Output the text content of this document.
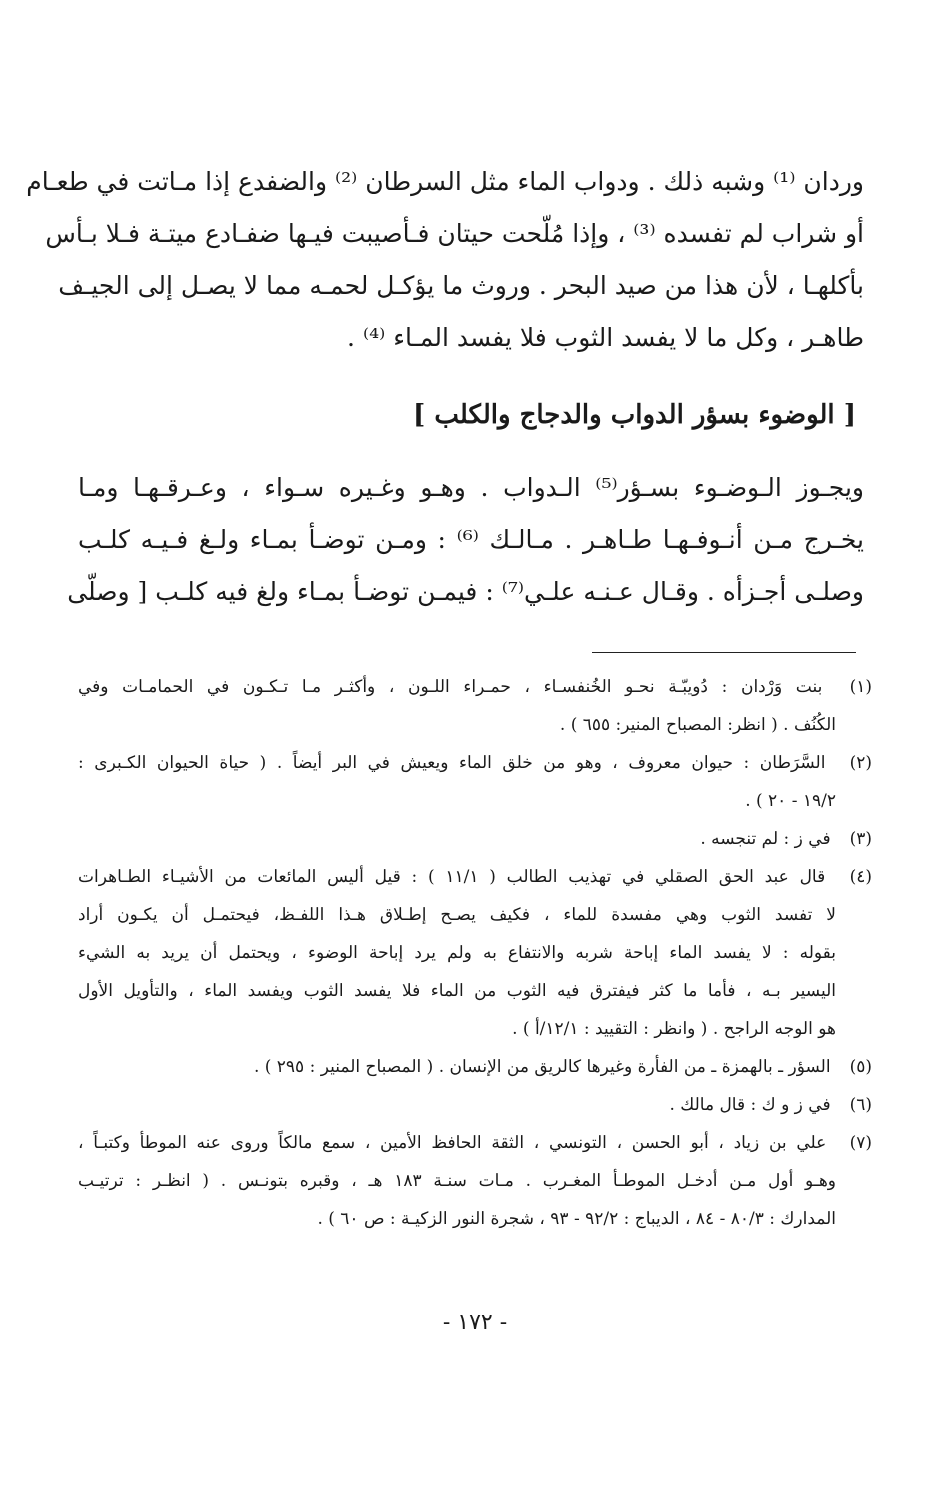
وردان ⁽¹⁾ وشبه ذلك . ودواب الماء مثل السرطان ⁽²⁾ والضفدع إذا مـاتت في طعـام
أو شراب لم تفسده ⁽³⁾ ، وإذا مُلّحت حيتان فـأصيبت فيـها ضفـادع ميتـة فـلا بـأس
بأكلهـا ، لأن هذا من صيد البحر . وروث ما يؤكـل لحمـه مما لا يصـل إلى الجيـف
طاهـر ، وكل ما لا يفسد الثوب فلا يفسد المـاء ⁽⁴⁾ .
[ الوضوء بسؤر الدواب والدجاج والكلب ]
ويجـوز الـوضـوء بسـؤر⁽⁵⁾ الـدواب . وهـو وغـيره سـواء ، وعـرقـهـا ومـا
يخـرج مـن أنـوفـهـا طـاهـر . مـالـك ⁽⁶⁾ : ومـن توضـأ بمـاء ولـغ فـيـه كلـب
وصلـى أجـزأه . وقـال عـنـه علـي⁽⁷⁾ : فيمـن توضـأ بمـاء ولغ فيه كلـب [ وصلّى
(١) بنت وَرْدان : دُويبّـة نحـو الخُنفسـاء ، حمـراء اللـون ، وأكثـر مـا تـكـون في الحمامـات وفي
الكُنُف . ( انظر: المصباح المنير: ٦٥٥ ) .
(٢) السَّرَطان : حيوان معروف ، وهو من خلق الماء ويعيش في البر أيضاً . ( حياة الحيوان الكـبرى :
١٩/٢ - ٢٠ ) .
(٣) في ز : لم تنجسه .
(٤) قال عبد الحق الصقلي في تهذيب الطالب ( ١١/١ ) : قيل أليس المائعات من الأشيـاء الطـاهرات
لا تفسد الثوب وهي مفسدة للماء ، فكيف يصـح إطـلاق هـذا اللفـظ، فيحتمـل أن يكـون أراد
بقوله : لا يفسد الماء إباحة شربه والانتفاع به ولم يرد إباحة الوضوء ، ويحتمل أن يريد به الشيء
اليسير بـه ، فأما ما كثر فيفترق فيه الثوب من الماء فلا يفسد الثوب ويفسد الماء ، والتأويل الأول
هو الوجه الراجح . ( وانظر : التقييد : ١٢/١/أ ) .
(٥) السؤر ـ بالهمزة ـ من الفأرة وغيرها كالريق من الإنسان . ( المصباح المنير : ٢٩٥ ) .
(٦) في ز و ك : قال مالك .
(٧) علي بن زياد ، أبو الحسن ، التونسي ، الثقة الحافظ الأمين ، سمع مالكاً وروى عنه الموطأ وكتبـاً ،
وهـو أول مـن أدخـل الموطـأ المغـرب . مـات سنـة ١٨٣ هـ ، وقبره بتونـس . ( انظـر : ترتيـب
المدارك : ٨٠/٣ - ٨٤ ، الديباج : ٩٢/٢ - ٩٣ ، شجرة النور الزكيـة : ص ٦٠ ) .
- ١٧٢ -
